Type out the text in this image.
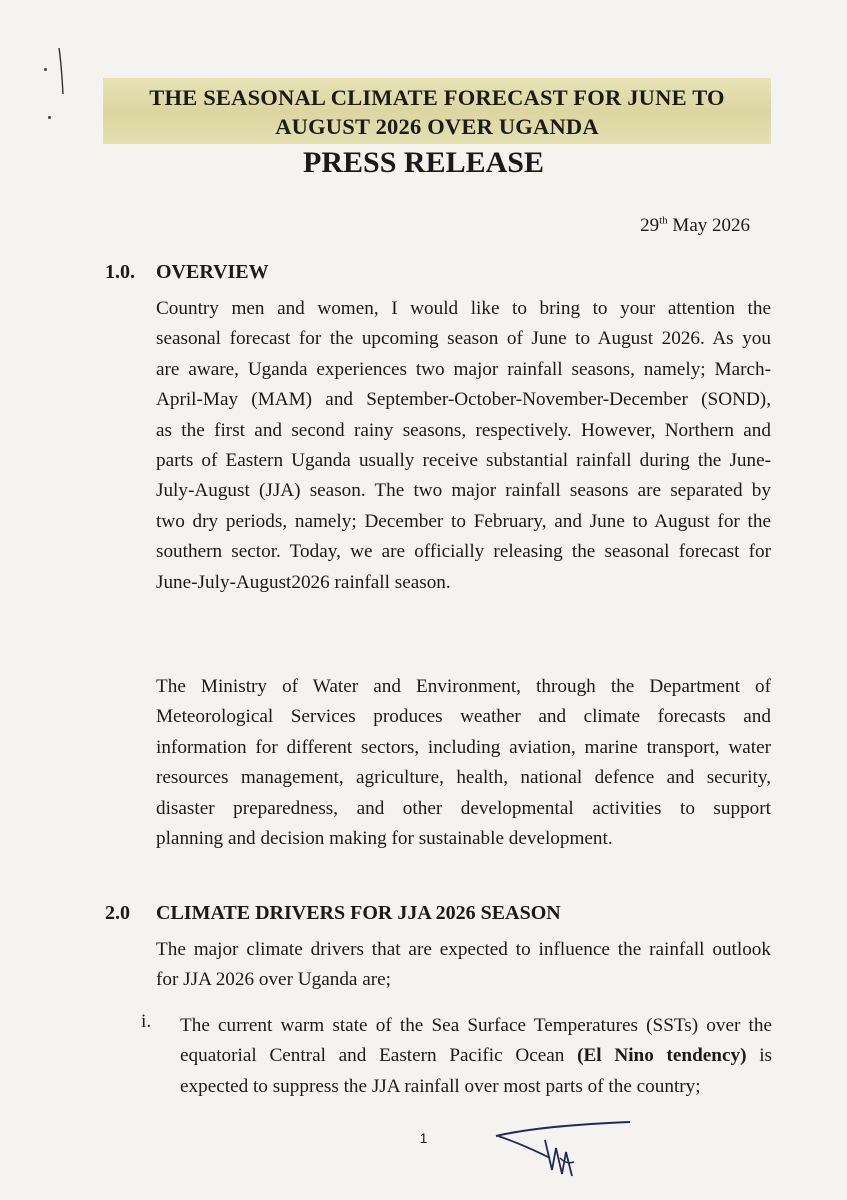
THE SEASONAL CLIMATE FORECAST FOR JUNE TO
AUGUST 2026 OVER UGANDA
PRESS RELEASE
29th May 2026
1.0. OVERVIEW
Country men and women, I would like to bring to your attention the
seasonal forecast for the upcoming season of June to August 2026. As you
are aware, Uganda experiences two major rainfall seasons, namely; March-
April-May (MAM) and September-October-November-December (SOND),
as the first and second rainy seasons, respectively. However, Northern and
parts of Eastern Uganda usually receive substantial rainfall during the June-
July-August (JJA) season. The two major rainfall seasons are separated by
two dry periods, namely; December to February, and June to August for the
southern sector. Today, we are officially releasing the seasonal forecast for
June-July-August2026 rainfall season.
The Ministry of Water and Environment, through the Department of
Meteorological Services produces weather and climate forecasts and
information for different sectors, including aviation, marine transport, water
resources management, agriculture, health, national defence and security,
disaster preparedness, and other developmental activities to support
planning and decision making for sustainable development.
2.0 CLIMATE DRIVERS FOR JJA 2026 SEASON
The major climate drivers that are expected to influence the rainfall outlook
for JJA 2026 over Uganda are;
i. The current warm state of the Sea Surface Temperatures (SSTs) over the
equatorial Central and Eastern Pacific Ocean (El Nino tendency) is
expected to suppress the JJA rainfall over most parts of the country;
1
